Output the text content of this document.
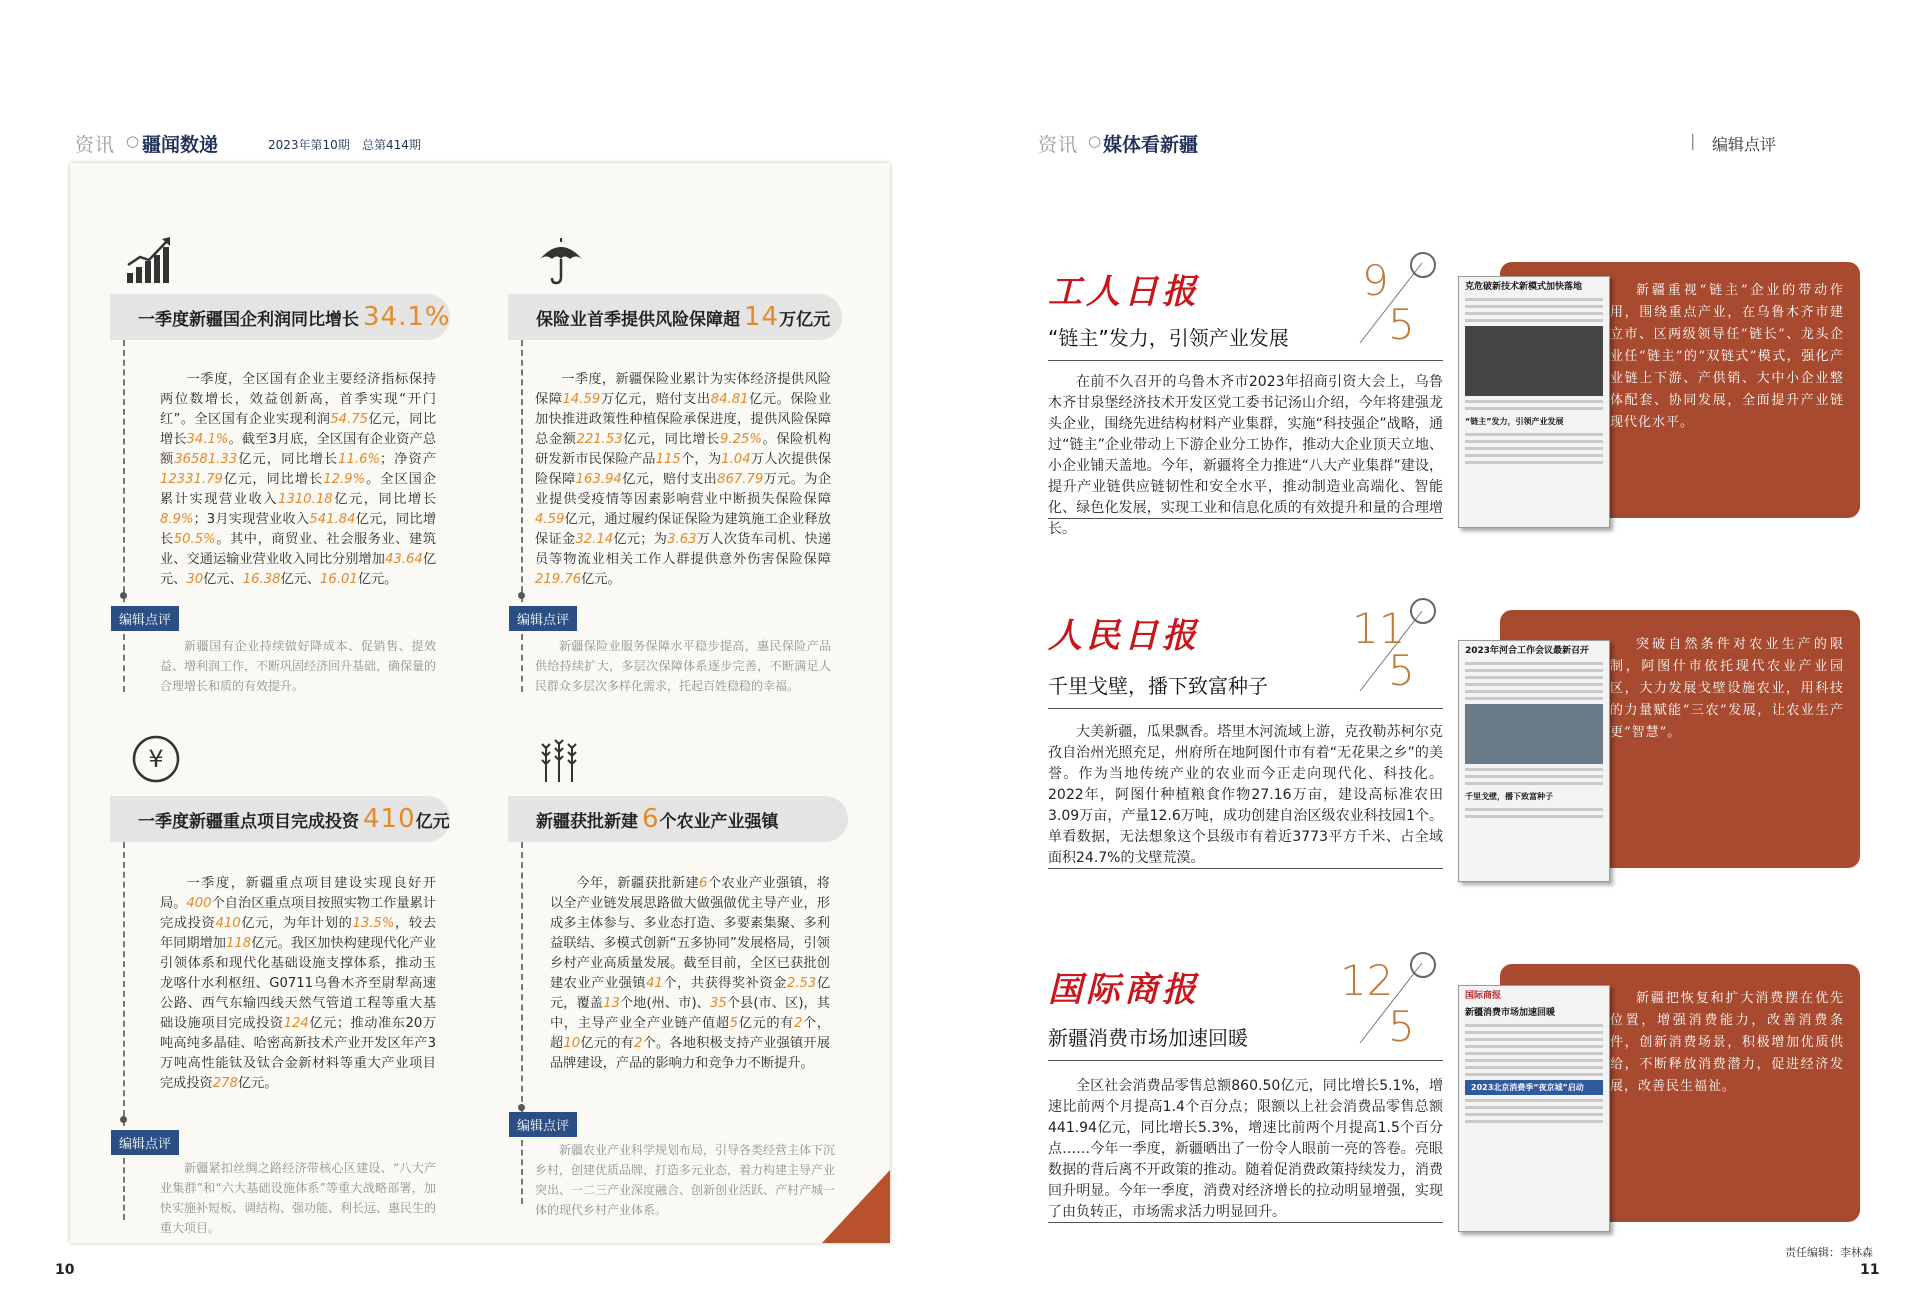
资讯 ○ 疆闻数递	2023年第10期 总第414期
一季度新疆国企利润同比增长 34.1%
一季度，全区国有企业主要经济指标保持两位数增长，效益创新高，首季实现“开门红”。全区国有企业实现利润54.75亿元，同比增长34.1%。截至3月底，全区国有企业资产总额36581.33亿元，同比增长11.6%；净资产12331.79亿元，同比增长12.9%。全区国企累计实现营业收入1310.18亿元，同比增长8.9%；3月实现营业收入541.84亿元，同比增长50.5%。其中，商贸业、社会服务业、建筑业、交通运输业营业收入同比分别增加43.64亿元、30亿元、16.38亿元、16.01亿元。
编辑点评
新疆国有企业持续做好降成本、促销售、提效益、增利润工作，不断巩固经济回升基础，确保量的合理增长和质的有效提升。
保险业首季提供风险保障超 14 万亿元
一季度，新疆保险业累计为实体经济提供风险保障14.59万亿元，赔付支出84.81亿元。保险业加快推进政策性种植保险承保进度，提供风险保障总金额221.53亿元，同比增长9.25%。保险机构研发新市民保险产品115个，为1.04万人次提供保险保障163.94亿元，赔付支出867.79万元。为企业提供受疫情等因素影响营业中断损失保险保障4.59亿元，通过履约保证保险为建筑施工企业释放保证金32.14亿元；为3.63万人次货车司机、快递员等物流业相关工作人群提供意外伤害保险保障219.76亿元。
编辑点评
新疆保险业服务保障水平稳步提高，惠民保险产品供给持续扩大，多层次保障体系逐步完善，不断满足人民群众多层次多样化需求，托起百姓稳稳的幸福。
¥
一季度新疆重点项目完成投资 410 亿元
一季度，新疆重点项目建设实现良好开局。400个自治区重点项目按照实物工作量累计完成投资410亿元，为年计划的13.5%，较去年同期增加118亿元。我区加快构建现代化产业引领体系和现代化基础设施支撑体系，推动玉龙喀什水利枢纽、G0711乌鲁木齐至尉犁高速公路、西气东输四线天然气管道工程等重大基础设施项目完成投资124亿元；推动准东20万吨高纯多晶硅、哈密高新技术产业开发区年产3万吨高性能钛及钛合金新材料等重大产业项目完成投资278亿元。
编辑点评
新疆紧扣丝绸之路经济带核心区建设、“八大产业集群”和“六大基础设施体系”等重大战略部署，加快实施补短板、调结构、强功能、利长远、惠民生的重大项目。
新疆获批新建 6 个农业产业强镇
今年，新疆获批新建6个农业产业强镇，将以全产业链发展思路做大做强做优主导产业，形成多主体参与、多业态打造、多要素集聚、多利益联结、多模式创新“五多协同”发展格局，引领乡村产业高质量发展。截至目前，全区已获批创建农业产业强镇41个，共获得奖补资金2.53亿元，覆盖13个地(州、市)、35个县(市、区)，其中，主导产业全产业链产值超5亿元的有2个，超10亿元的有2个。各地积极支持产业强镇开展品牌建设，产品的影响力和竞争力不断提升。
编辑点评
新疆农业产业科学规划布局，引导各类经营主体下沉乡村，创建优质品牌，打造多元业态，着力构建主导产业突出、一二三产业深度融合、创新创业活跃、产村产城一体的现代乡村产业体系。
10
资讯 ○ 媒体看新疆	| 编辑点评
工人日报	9
5
“链主”发力，引领产业发展
在前不久召开的乌鲁木齐市2023年招商引资大会上，乌鲁木齐甘泉堡经济技术开发区党工委书记汤山介绍，今年将建强龙头企业，围绕先进结构材料产业集群，实施“科技强企”战略，通过“链主”企业带动上下游企业分工协作，推动大企业顶天立地、小企业铺天盖地。今年，新疆将全力推进“八大产业集群”建设，提升产业链供应链韧性和安全水平，推动制造业高端化、智能化、绿色化发展，实现工业和信息化质的有效提升和量的合理增长。
新疆重视“链主”企业的带动作用，围绕重点产业，在乌鲁木齐市建立市、区两级领导任“链长”、龙头企业任“链主”的“双链式”模式，强化产业链上下游、产供销、大中小企业整体配套、协同发展，全面提升产业链现代化水平。
克危破新技术新模式加快落地
“链主”发力，引领产业发展
人民日报	11
5
千里戈壁，播下致富种子
大美新疆，瓜果飘香。塔里木河流域上游，克孜勒苏柯尔克孜自治州光照充足，州府所在地阿图什市有着“无花果之乡”的美誉。作为当地传统产业的农业而今正走向现代化、科技化。2022年，阿图什种植粮食作物27.16万亩，建设高标准农田3.09万亩，产量12.6万吨，成功创建自治区级农业科技园1个。单看数据，无法想象这个县级市有着近3773平方千米、占全域面积24.7%的戈壁荒漠。
突破自然条件对农业生产的限制，阿图什市依托现代农业产业园区，大力发展戈壁设施农业，用科技的力量赋能“三农”发展，让农业生产更“智慧”。
2023年河合工作会议最新召开
千里戈壁，播下致富种子
国际商报	12
5
新疆消费市场加速回暖
全区社会消费品零售总额860.50亿元，同比增长5.1%，增速比前两个月提高1.4个百分点；限额以上社会消费品零售总额441.94亿元，同比增长5.3%，增速比前两个月提高1.5个百分点……今年一季度，新疆晒出了一份令人眼前一亮的答卷。亮眼数据的背后离不开政策的推动。随着促消费政策持续发力，消费回升明显。今年一季度，消费对经济增长的拉动明显增强，实现了由负转正，市场需求活力明显回升。
新疆把恢复和扩大消费摆在优先位置，增强消费能力，改善消费条件，创新消费场景，积极增加优质供给，不断释放消费潜力，促进经济发展，改善民生福祉。
国际商报
新疆消费市场加速回暖
2023北京消费季“夜京城”启动
责任编辑：李林森
11
